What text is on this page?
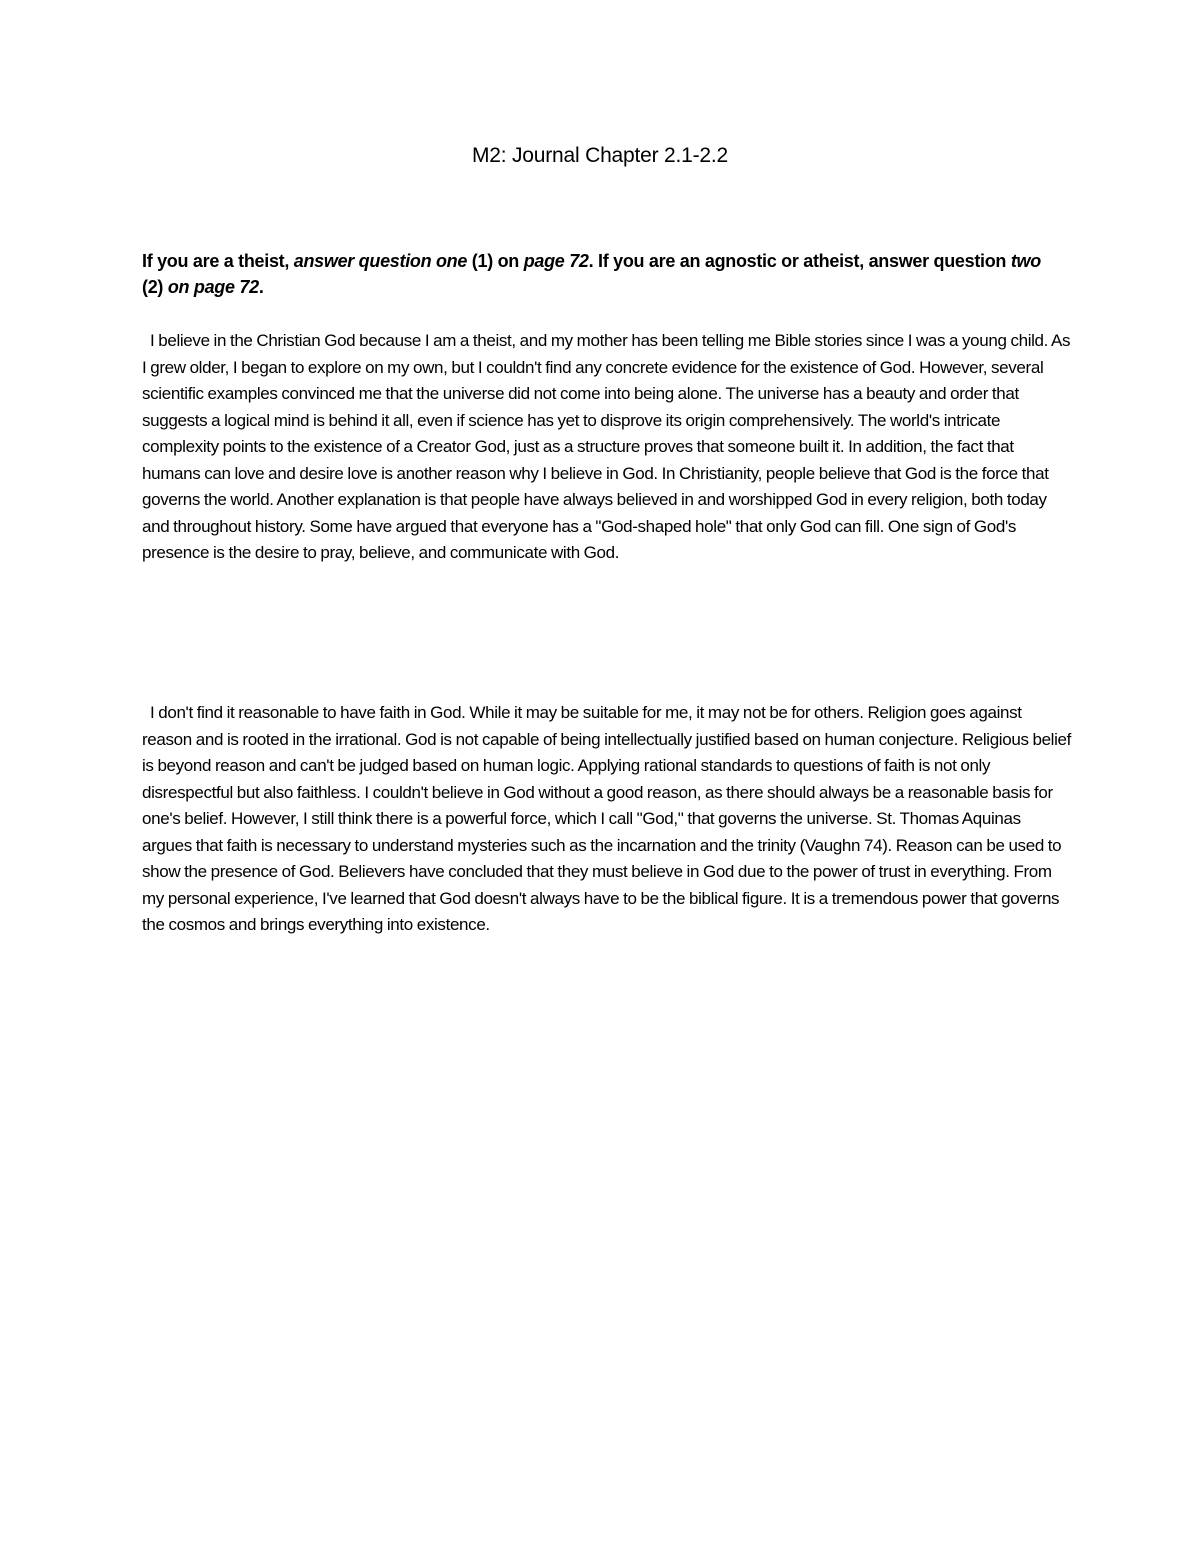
M2: Journal Chapter 2.1-2.2
If you are a theist, answer question one (1) on page 72. If you are an agnostic or atheist, answer question two (2) on page 72.
I believe in the Christian God because I am a theist, and my mother has been telling me Bible stories since I was a young child. As I grew older, I began to explore on my own, but I couldn't find any concrete evidence for the existence of God. However, several scientific examples convinced me that the universe did not come into being alone. The universe has a beauty and order that suggests a logical mind is behind it all, even if science has yet to disprove its origin comprehensively. The world's intricate complexity points to the existence of a Creator God, just as a structure proves that someone built it. In addition, the fact that humans can love and desire love is another reason why I believe in God. In Christianity, people believe that God is the force that governs the world. Another explanation is that people have always believed in and worshipped God in every religion, both today and throughout history. Some have argued that everyone has a "God-shaped hole" that only God can fill. One sign of God's presence is the desire to pray, believe, and communicate with God.
I don't find it reasonable to have faith in God. While it may be suitable for me, it may not be for others. Religion goes against reason and is rooted in the irrational. God is not capable of being intellectually justified based on human conjecture. Religious belief is beyond reason and can't be judged based on human logic. Applying rational standards to questions of faith is not only disrespectful but also faithless. I couldn't believe in God without a good reason, as there should always be a reasonable basis for one's belief. However, I still think there is a powerful force, which I call "God," that governs the universe. St. Thomas Aquinas argues that faith is necessary to understand mysteries such as the incarnation and the trinity (Vaughn 74). Reason can be used to show the presence of God. Believers have concluded that they must believe in God due to the power of trust in everything. From my personal experience, I've learned that God doesn't always have to be the biblical figure. It is a tremendous power that governs the cosmos and brings everything into existence.
